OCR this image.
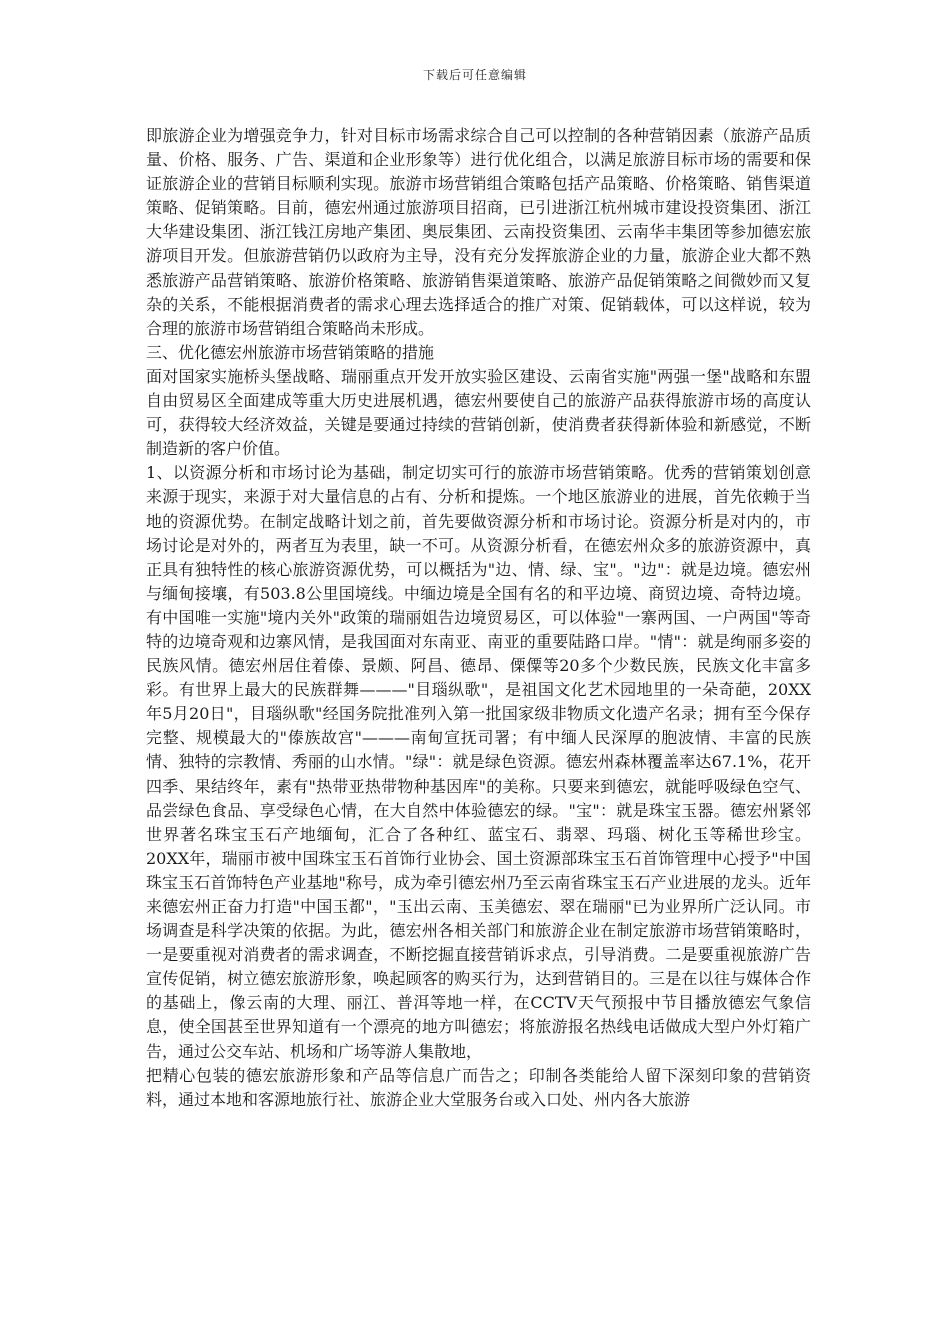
下载后可任意编辑

即旅游企业为增强竞争力，针对目标市场需求综合自己可以控制的各种营销因素（旅游产品质量、价格、服务、广告、渠道和企业形象等）进行优化组合，以满足旅游目标市场的需要和保证旅游企业的营销目标顺利实现。旅游市场营销组合策略包括产品策略、价格策略、销售渠道策略、促销策略。目前，德宏州通过旅游项目招商，已引进浙江杭州城市建设投资集团、浙江大华建设集团、浙江钱江房地产集团、奥辰集团、云南投资集团、云南华丰集团等参加德宏旅游项目开发。但旅游营销仍以政府为主导，没有充分发挥旅游企业的力量，旅游企业大都不熟悉旅游产品营销策略、旅游价格策略、旅游销售渠道策略、旅游产品促销策略之间微妙而又复杂的关系，不能根据消费者的需求心理去选择适合的推广对策、促销载体，可以这样说，较为合理的旅游市场营销组合策略尚未形成。

三、优化德宏州旅游市场营销策略的措施

面对国家实施桥头堡战略、瑞丽重点开发开放实验区建设、云南省实施"两强一堡"战略和东盟自由贸易区全面建成等重大历史进展机遇，德宏州要使自己的旅游产品获得旅游市场的高度认可，获得较大经济效益，关键是要通过持续的营销创新，使消费者获得新体验和新感觉，不断制造新的客户价值。

1、以资源分析和市场讨论为基础，制定切实可行的旅游市场营销策略。优秀的营销策划创意来源于现实，来源于对大量信息的占有、分析和提炼。一个地区旅游业的进展，首先依赖于当地的资源优势。在制定战略计划之前，首先要做资源分析和市场讨论。资源分析是对内的，市场讨论是对外的，两者互为表里，缺一不可。从资源分析看，在德宏州众多的旅游资源中，真正具有独特性的核心旅游资源优势，可以概括为"边、情、绿、宝"。"边"：就是边境。德宏州与缅甸接壤，有503.8公里国境线。中缅边境是全国有名的和平边境、商贸边境、奇特边境。有中国唯一实施"境内关外"政策的瑞丽姐告边境贸易区，可以体验"一寨两国、一户两国"等奇特的边境奇观和边寨风情，是我国面对东南亚、南亚的重要陆路口岸。"情"：就是绚丽多姿的民族风情。德宏州居住着傣、景颇、阿昌、德昂、傈僳等20多个少数民族，民族文化丰富多彩。有世界上最大的民族群舞———"目瑙纵歌"，是祖国文化艺术园地里的一朵奇葩，20XX年5月20日"，目瑙纵歌"经国务院批准列入第一批国家级非物质文化遗产名录；拥有至今保存完整、规模最大的"傣族故宫"———南甸宣抚司署；有中缅人民深厚的胞波情、丰富的民族情、独特的宗教情、秀丽的山水情。"绿"：就是绿色资源。德宏州森林覆盖率达67.1%，花开四季、果结终年，素有"热带亚热带物种基因库"的美称。只要来到德宏，就能呼吸绿色空气、品尝绿色食品、享受绿色心情，在大自然中体验德宏的绿。"宝"：就是珠宝玉器。德宏州紧邻世界著名珠宝玉石产地缅甸，汇合了各种红、蓝宝石、翡翠、玛瑙、树化玉等稀世珍宝。20XX年，瑞丽市被中国珠宝玉石首饰行业协会、国土资源部珠宝玉石首饰管理中心授予"中国珠宝玉石首饰特色产业基地"称号，成为牵引德宏州乃至云南省珠宝玉石产业进展的龙头。近年来德宏州正奋力打造"中国玉都"，"玉出云南、玉美德宏、翠在瑞丽"已为业界所广泛认同。市场调查是科学决策的依据。为此，德宏州各相关部门和旅游企业在制定旅游市场营销策略时，一是要重视对消费者的需求调查，不断挖掘直接营销诉求点，引导消费。二是要重视旅游广告宣传促销，树立德宏旅游形象，唤起顾客的购买行为，达到营销目的。三是在以往与媒体合作的基础上，像云南的大理、丽江、普洱等地一样，在CCTV天气预报中节目播放德宏气象信息，使全国甚至世界知道有一个漂亮的地方叫德宏；将旅游报名热线电话做成大型户外灯箱广告，通过公交车站、机场和广场等游人集散地，

把精心包装的德宏旅游形象和产品等信息广而告之；印制各类能给人留下深刻印象的营销资料，通过本地和客源地旅行社、旅游企业大堂服务台或入口处、州内各大旅游
